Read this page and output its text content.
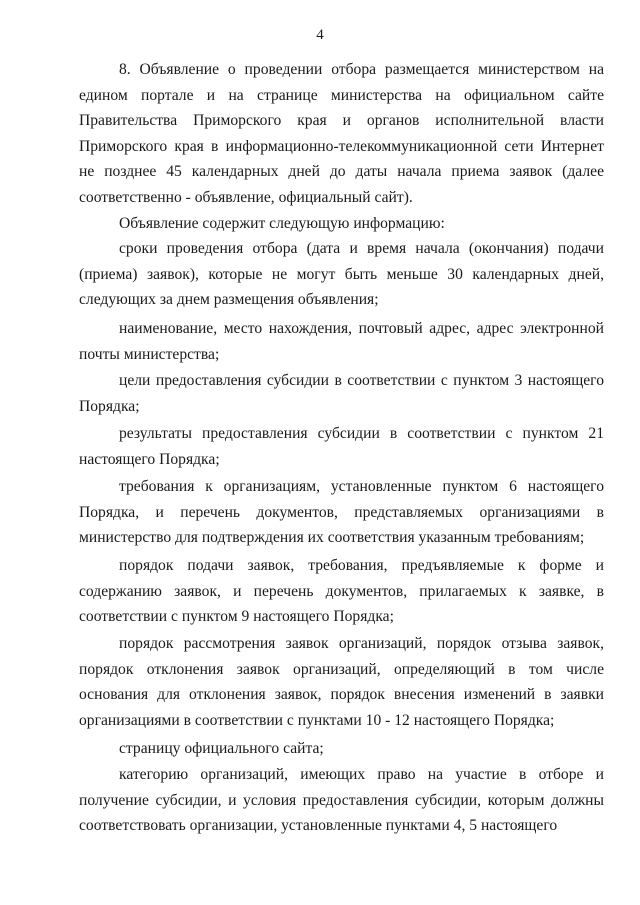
4

8. Объявление о проведении отбора размещается министерством на едином портале и на странице министерства на официальном сайте Правительства Приморского края и органов исполнительной власти Приморского края в информационно-телекоммуникационной сети Интернет не позднее 45 календарных дней до даты начала приема заявок (далее соответственно - объявление, официальный сайт).

Объявление содержит следующую информацию:

сроки проведения отбора (дата и время начала (окончания) подачи (приема) заявок), которые не могут быть меньше 30 календарных дней, следующих за днем размещения объявления;

наименование, место нахождения, почтовый адрес, адрес электронной почты министерства;

цели предоставления субсидии в соответствии с пунктом 3 настоящего Порядка;

результаты предоставления субсидии в соответствии с пунктом 21 настоящего Порядка;

требования к организациям, установленные пунктом 6 настоящего Порядка, и перечень документов, представляемых организациями в министерство для подтверждения их соответствия указанным требованиям;

порядок подачи заявок, требования, предъявляемые к форме и содержанию заявок, и перечень документов, прилагаемых к заявке, в соответствии с пунктом 9 настоящего Порядка;

порядок рассмотрения заявок организаций, порядок отзыва заявок, порядок отклонения заявок организаций, определяющий в том числе основания для отклонения заявок, порядок внесения изменений в заявки организациями в соответствии с пунктами 10 - 12 настоящего Порядка;

страницу официального сайта;

категорию организаций, имеющих право на участие в отборе и получение субсидии, и условия предоставления субсидии, которым должны соответствовать организации, установленные пунктами 4, 5 настоящего
